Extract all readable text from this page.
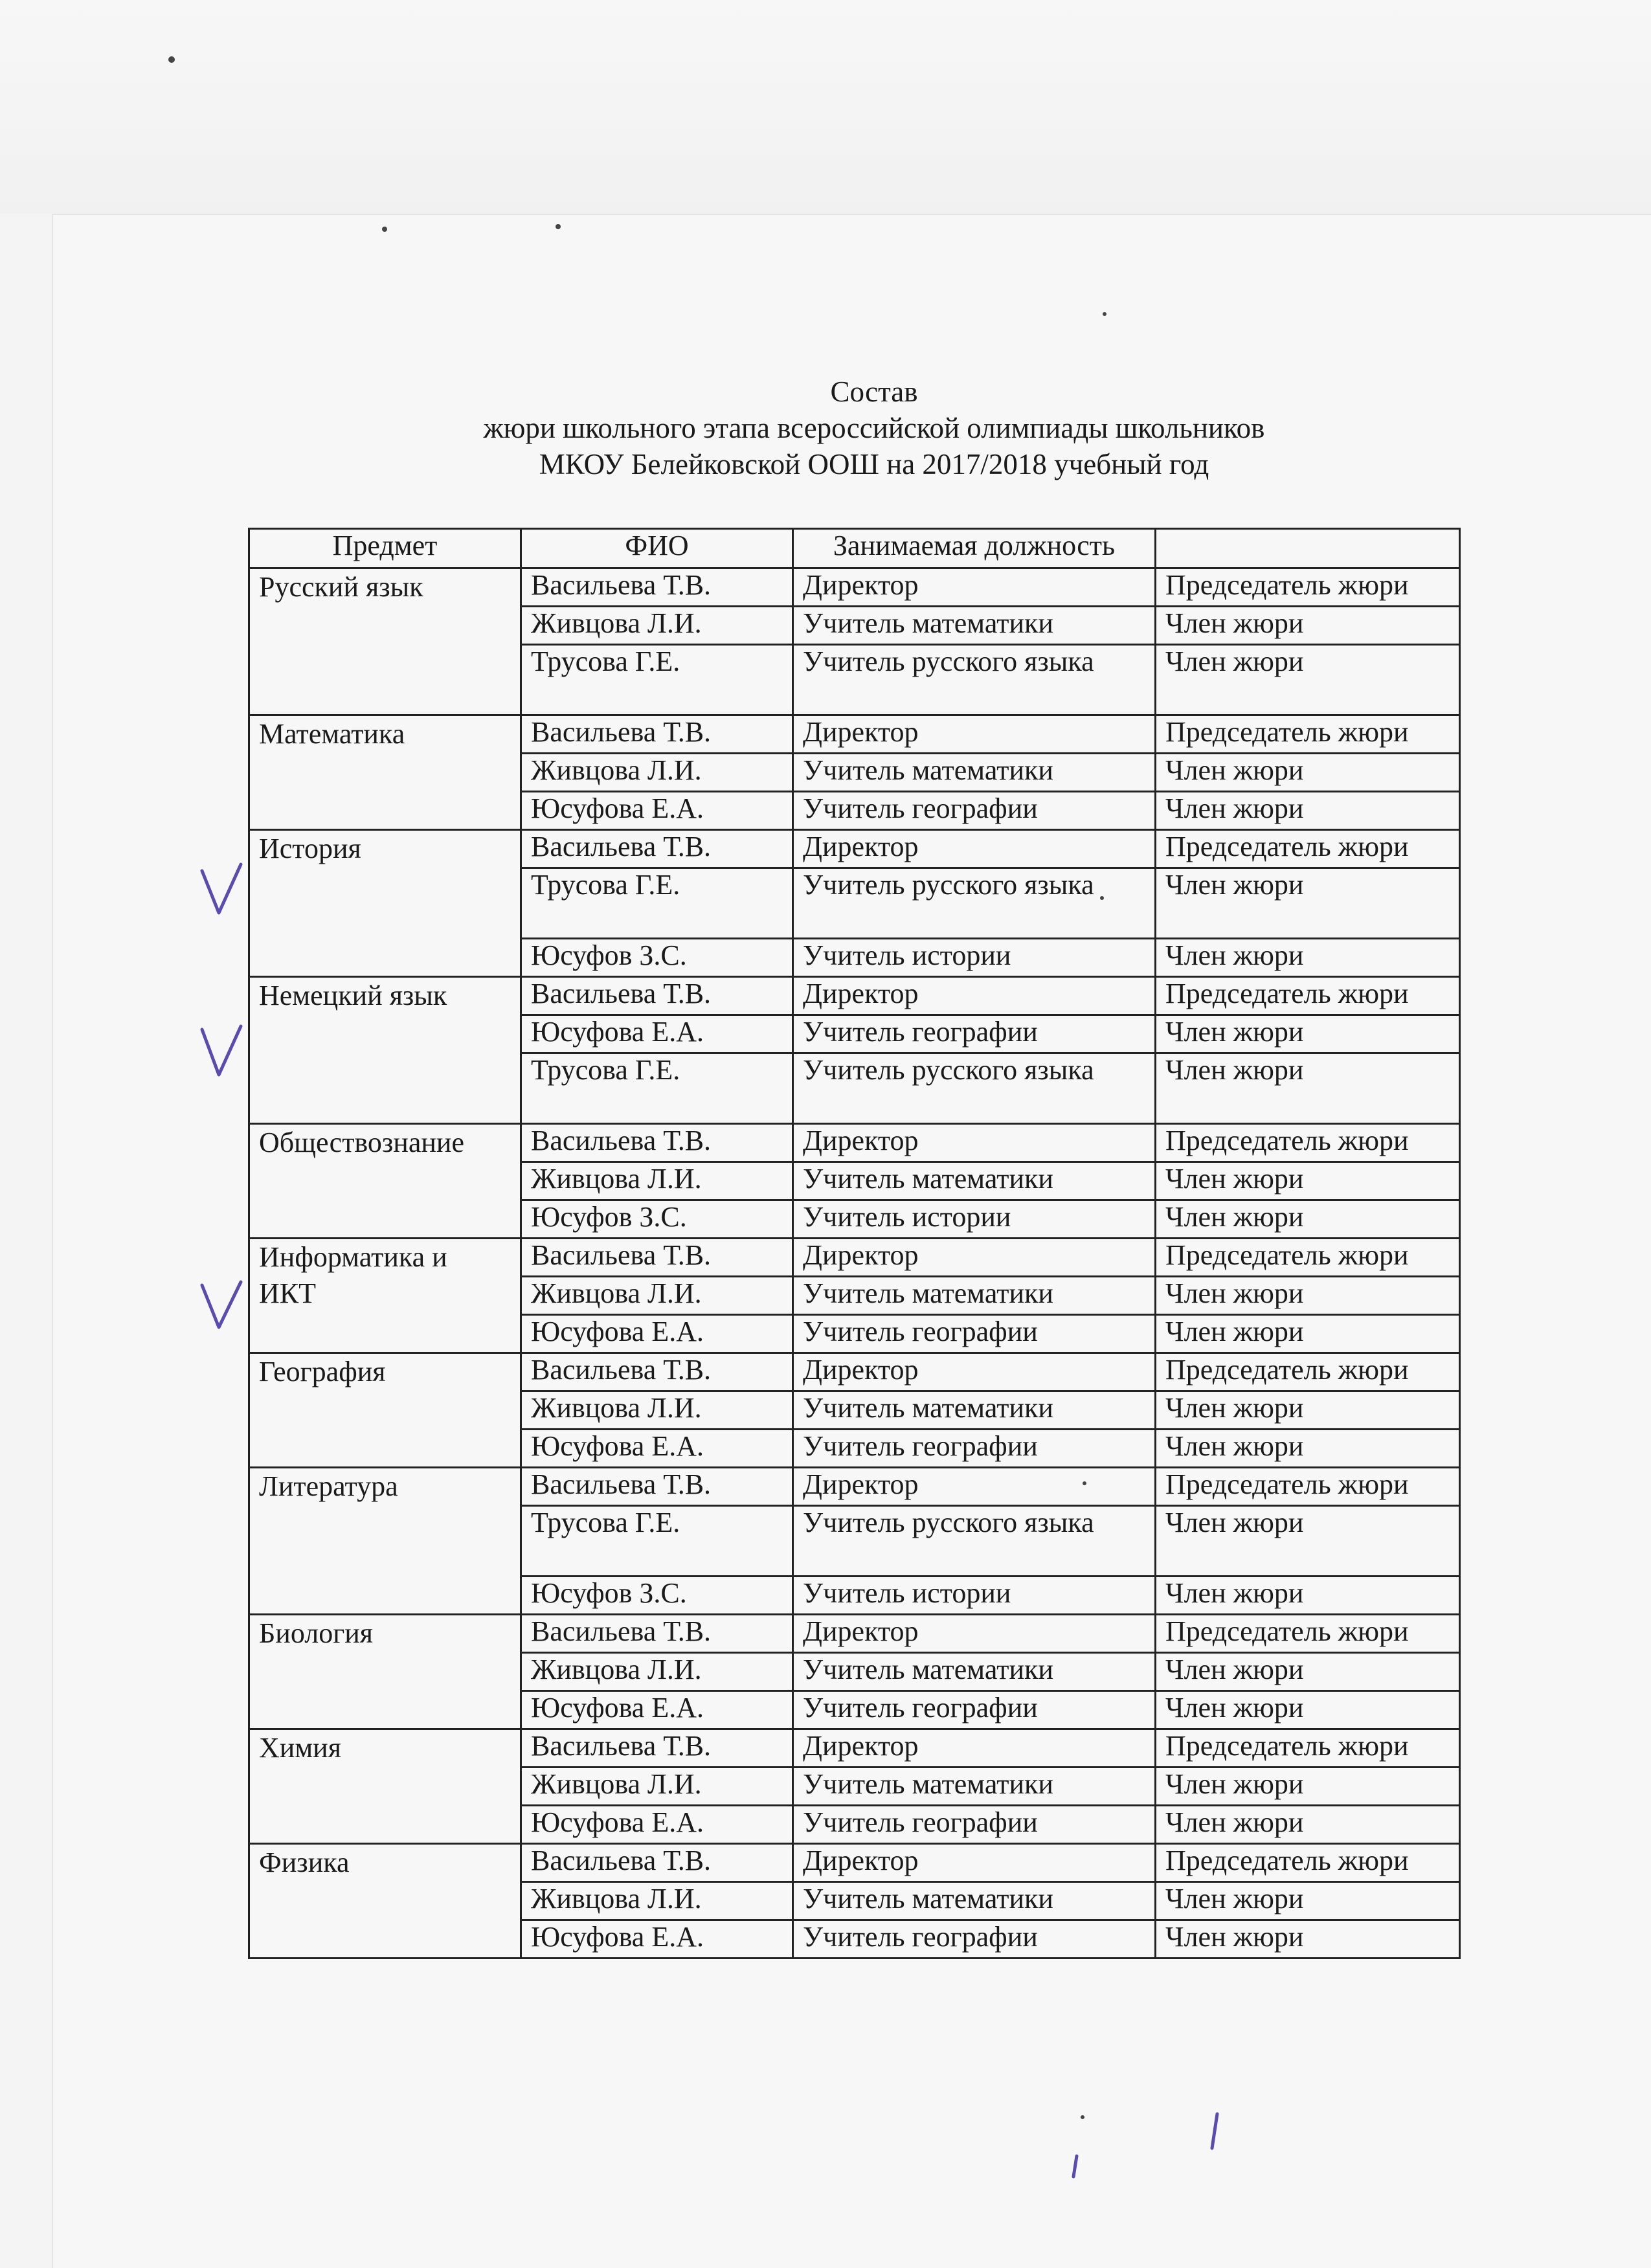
Состав
жюри школьного этапа всероссийской олимпиады школьников
МКОУ Белейковской ООШ на 2017/2018 учебный год
Предмет	ФИО	Занимаемая должность	
Русский язык	Васильева Т.В.	Директор	Председатель жюри
	Живцова Л.И.	Учитель математики	Член жюри
	Трусова Г.Е.	Учитель русского языка	Член жюри
Математика	Васильева Т.В.	Директор	Председатель жюри
	Живцова Л.И.	Учитель математики	Член жюри
	Юсуфова Е.А.	Учитель географии	Член жюри
История	Васильева Т.В.	Директор	Председатель жюри
	Трусова Г.Е.	Учитель русского языка	Член жюри
	Юсуфов З.С.	Учитель истории	Член жюри
Немецкий язык	Васильева Т.В.	Директор	Председатель жюри
	Юсуфова Е.А.	Учитель географии	Член жюри
	Трусова Г.Е.	Учитель русского языка	Член жюри
Обществознание	Васильева Т.В.	Директор	Председатель жюри
	Живцова Л.И.	Учитель математики	Член жюри
	Юсуфов З.С.	Учитель истории	Член жюри
Информатика и ИКТ	Васильева Т.В.	Директор	Председатель жюри
	Живцова Л.И.	Учитель математики	Член жюри
	Юсуфова Е.А.	Учитель географии	Член жюри
География	Васильева Т.В.	Директор	Председатель жюри
	Живцова Л.И.	Учитель математики	Член жюри
	Юсуфова Е.А.	Учитель географии	Член жюри
Литература	Васильева Т.В.	Директор	Председатель жюри
	Трусова Г.Е.	Учитель русского языка	Член жюри
	Юсуфов З.С.	Учитель истории	Член жюри
Биология	Васильева Т.В.	Директор	Председатель жюри
	Живцова Л.И.	Учитель математики	Член жюри
	Юсуфова Е.А.	Учитель географии	Член жюри
Химия	Васильева Т.В.	Директор	Председатель жюри
	Живцова Л.И.	Учитель математики	Член жюри
	Юсуфова Е.А.	Учитель географии	Член жюри
Физика	Васильева Т.В.	Директор	Председатель жюри
	Живцова Л.И.	Учитель математики	Член жюри
	Юсуфова Е.А.	Учитель географии	Член жюри
